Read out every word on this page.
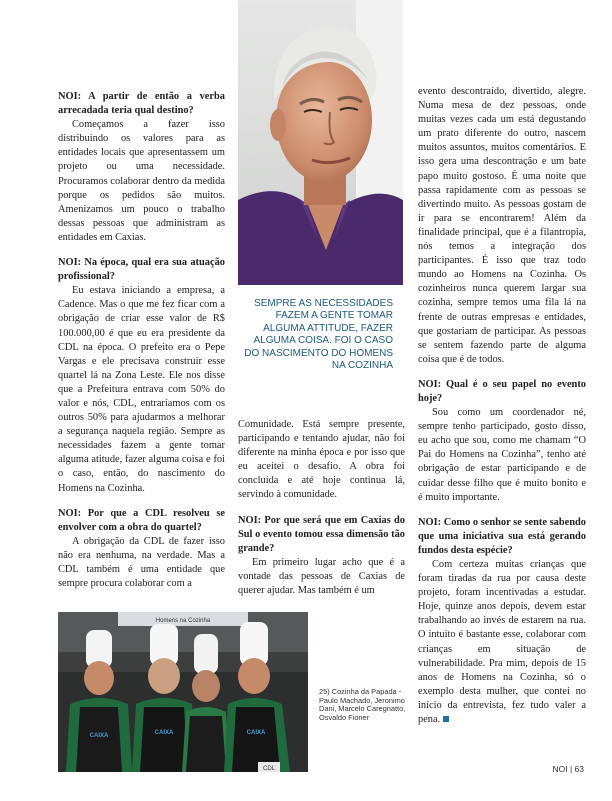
NOI: A partir de então a verba arrecadada teria qual destino?

Começamos a fazer isso distribuindo os valores para as entidades locais que apresentassem um projeto ou uma necessidade. Procuramos colaborar dentro da medida porque os pedidos são muitos. Amenizamos um pouco o trabalho dessas pessoas que administram as entidades em Caxias.

NOI: Na época, qual era sua atuação profissional?

Eu estava iniciando a empresa, a Cadence. Mas o que me fez ficar com a obrigação de criar esse valor de R$ 100.000,00 é que eu era presidente da CDL na época. O prefeito era o Pepe Vargas e ele precisava construir esse quartel lá na Zona Leste. Ele nos disse que a Prefeitura entrava com 50% do valor e nós, CDL, entraríamos com os outros 50% para ajudarmos a melhorar a segurança naquela região. Sempre as necessidades fazem a gente tomar alguma atitude, fazer alguma coisa e foi o caso, então, do nascimento do Homens na Cozinha.

NOI: Por que a CDL resolveu se envolver com a obra do quartel?

A obrigação da CDL de fazer isso não era nenhuma, na verdade. Mas a CDL também é uma entidade que sempre procura colaborar com a

SEMPRE AS NECESSIDADES FAZEM A GENTE TOMAR ALGUMA ATTITUDE, FAZER ALGUMA COISA. FOI O CASO DO NASCIMENTO DO HOMENS NA COZINHA

Comunidade. Está sempre presente, participando e tentando ajudar, não foi diferente na minha época e por isso que eu aceitei o desafio. A obra foi concluída e até hoje continua lá, servindo à comunidade.

NOI: Por que será que em Caxias do Sul o evento tomou essa dimensão tão grande?

Em primeiro lugar acho que é a vontade das pessoas de Caxias de querer ajudar. Mas também é um

evento descontraído, divertido, alegre. Numa mesa de dez pessoas, onde muitas vezes cada um está degustando um prato diferente do outro, nascem muitos assuntos, muitos comentários. E isso gera uma descontração e um bate papo muito gostoso. É uma noite que passa rapidamente com as pessoas se divertindo muito. As pessoas gostam de ir para se encontrarem! Além da finalidade principal, que é a filantropia, nós temos a integração dos participantes. É isso que traz todo mundo ao Homens na Cozinha. Os cozinheiros nunca querem largar sua cozinha, sempre temos uma fila lá na frente de outras empresas e entidades, que gostariam de participar. As pessoas se sentem fazendo parte de alguma coisa que é de todos.

NOI: Qual é o seu papel no evento hoje?

Sou como um coordenador né, sempre tenho participado, gosto disso, eu acho que sou, como me chamam “O Pai do Homens na Cozinha”, tenho até obrigação de estar participando e de cuidar desse filho que é muito bonito e é muito importante.

NOI: Como o senhor se sente sabendo que uma iniciativa sua está gerando fundos desta espécie?

Com certeza muitas crianças que foram tiradas da rua por causa deste projeto, foram incentivadas a estudar. Hoje, quinze anos depois, devem estar trabalhando ao invés de estarem na rua. O intuito é bastante esse, colaborar com crianças em situação de vulnerabilidade. Pra mim, depois de 15 anos de Homens na Cozinha, só o exemplo desta mulher, que contei no início da entrevista, fez tudo valer a pena.

Homens na Cozinha
CAIXA	CAIXA	CAIXA
CDL
25) Cozinha da Papada - Paulo Machado, Jeronimo Dani, Marcelo Caregnatto, Osvaldo Fioner
NOI | 63
